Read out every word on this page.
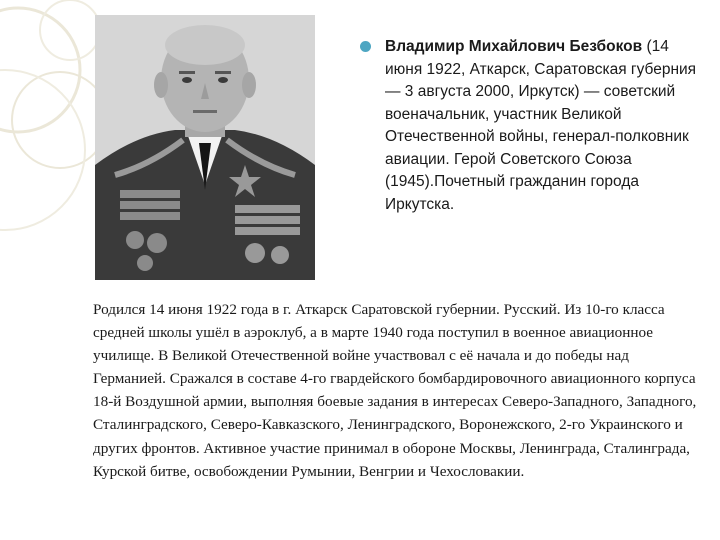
Владимир Михайлович Безбоков (14 июня 1922, Аткарск, Саратовская губерния — 3 августа 2000, Иркутск) — советский военачальник, участник Великой Отечественной войны, генерал-полковник авиации. Герой Советского Союза (1945).Почетный гражданин города Иркутска.

Родился 14 июня 1922 года в г. Аткарск Саратовской губернии. Русский. Из 10-го класса средней школы ушёл в аэроклуб, а в марте 1940 года поступил в военное авиационное училище. В Великой Отечественной войне участвовал с её начала и до победы над Германией. Сражался в составе 4-го гвардейского бомбардировочного авиационного корпуса 18-й Воздушной армии, выполняя боевые задания в интересах Северо-Западного, Западного, Сталинградского, Северо-Кавказского, Ленинградского, Воронежского, 2-го Украинского и других фронтов. Активное участие принимал в обороне Москвы, Ленинграда, Сталинграда, Курской битве, освобождении Румынии, Венгрии и Чехословакии.
